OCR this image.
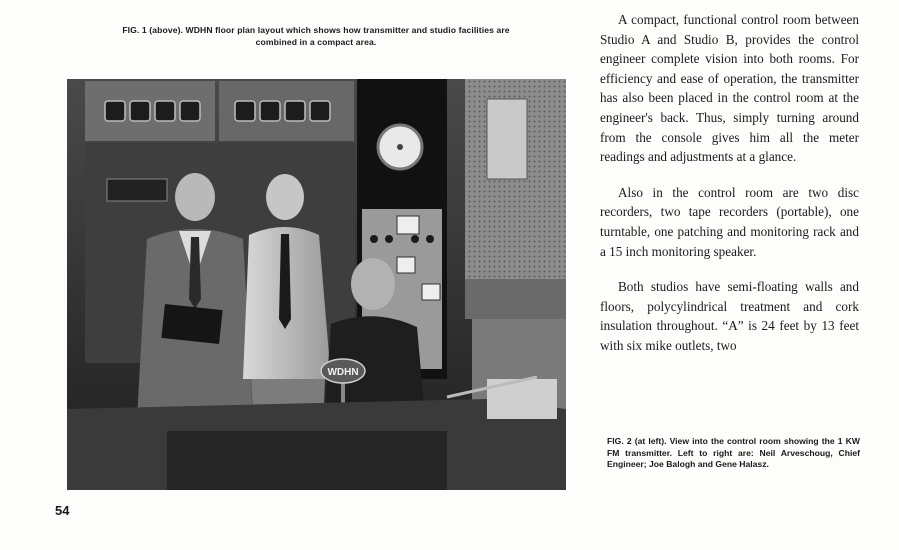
FIG. 1 (above). WDHN floor plan layout which shows how transmitter and studio facilities are combined in a compact area.

WDHN

A compact, functional control room between Studio A and Studio B, provides the control engineer complete vision into both rooms. For efficiency and ease of operation, the transmitter has also been placed in the control room at the engineer's back. Thus, simply turning around from the console gives him all the meter readings and adjustments at a glance.

Also in the control room are two disc recorders, two tape recorders (portable), one turntable, one patching and monitoring rack and a 15 inch monitoring speaker.

Both studios have semi-floating walls and floors, polycylindrical treatment and cork insulation throughout. “A” is 24 feet by 13 feet with six mike outlets, two

FIG. 2 (at left). View into the control room showing the 1 KW FM transmitter. Left to right are: Neil Arveschoug, Chief Engineer; Joe Balogh and Gene Halasz.

54
